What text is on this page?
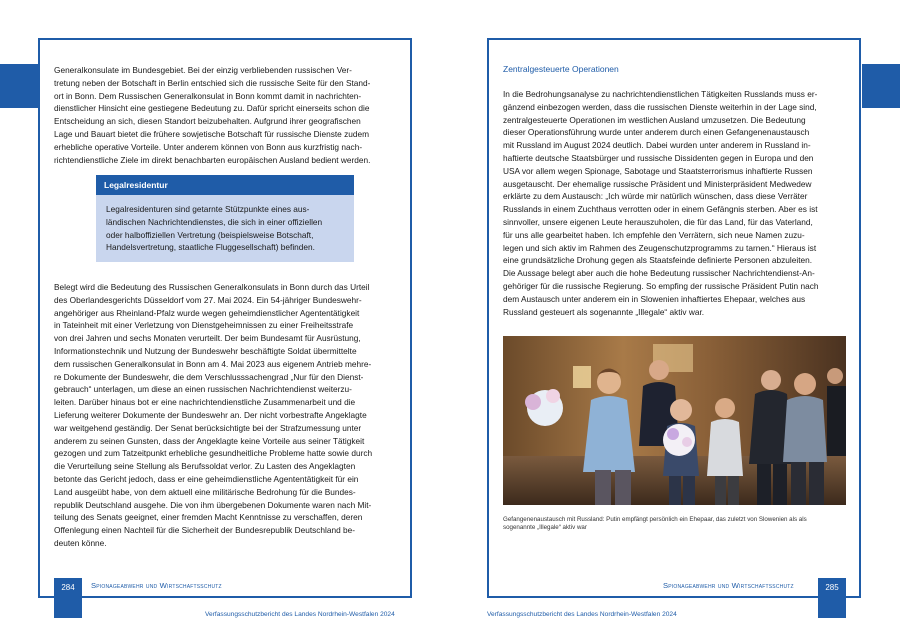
Generalkonsulate im Bundesgebiet. Bei der einzig verbliebenden russischen Ver-
tretung neben der Botschaft in Berlin entschied sich die russische Seite für den Stand-
ort in Bonn. Dem Russischen Generalkonsulat in Bonn kommt damit in nachrichten-
dienstlicher Hinsicht eine gestiegene Bedeutung zu. Dafür spricht einerseits schon die
Entscheidung an sich, diesen Standort beizubehalten. Aufgrund ihrer geografischen
Lage und Bauart bietet die frühere sowjetische Botschaft für russische Dienste zudem
erhebliche operative Vorteile. Unter anderem können von Bonn aus kurzfristig nach-
richtendienstliche Ziele im direkt benachbarten europäischen Ausland bedient werden.
Legalresidentur
Legalresidenturen sind getarnte Stützpunkte eines aus-
ländischen Nachrichtendienstes, die sich in einer offiziellen
oder halboffiziellen Vertretung (beispielsweise Botschaft,
Handelsvertretung, staatliche Fluggesellschaft) befinden.
Belegt wird die Bedeutung des Russischen Generalkonsulats in Bonn durch das Urteil
des Oberlandesgerichts Düsseldorf vom 27. Mai 2024. Ein 54-jähriger Bundeswehr-
angehöriger aus Rheinland-Pfalz wurde wegen geheimdienstlicher Agententätigkeit
in Tateinheit mit einer Verletzung von Dienstgeheimnissen zu einer Freiheitsstrafe
von drei Jahren und sechs Monaten verurteilt. Der beim Bundesamt für Ausrüstung,
Informationstechnik und Nutzung der Bundeswehr beschäftigte Soldat übermittelte
dem russischen Generalkonsulat in Bonn am 4. Mai 2023 aus eigenem Antrieb mehre-
re Dokumente der Bundeswehr, die dem Verschlusssachengrad „Nur für den Dienst-
gebrauch“ unterlagen, um diese an einen russischen Nachrichtendienst weiterzu-
leiten. Darüber hinaus bot er eine nachrichtendienstliche Zusammenarbeit und die
Lieferung weiterer Dokumente der Bundeswehr an. Der nicht vorbestrafte Angeklagte
war weitgehend geständig. Der Senat berücksichtigte bei der Strafzumessung unter
anderem zu seinen Gunsten, dass der Angeklagte keine Vorteile aus seiner Tätigkeit
gezogen und zum Tatzeitpunkt erhebliche gesundheitliche Probleme hatte sowie durch
die Verurteilung seine Stellung als Berufssoldat verlor. Zu Lasten des Angeklagten
betonte das Gericht jedoch, dass er eine geheimdienstliche Agententätigkeit für ein
Land ausgeübt habe, von dem aktuell eine militärische Bedrohung für die Bundes-
republik Deutschland ausgehe. Die von ihm übergebenen Dokumente waren nach Mit-
teilung des Senats geeignet, einer fremden Macht Kenntnisse zu verschaffen, deren
Offenlegung einen Nachteil für die Sicherheit der Bundesrepublik Deutschland be-
deuten könne.
284	Spionageabwehr und Wirtschaftsschutz
Verfassungsschutzbericht des Landes Nordrhein-Westfalen 2024
Zentralgesteuerte Operationen
In die Bedrohungsanalyse zu nachrichtendienstlichen Tätigkeiten Russlands muss er-
gänzend einbezogen werden, dass die russischen Dienste weiterhin in der Lage sind,
zentralgesteuerte Operationen im westlichen Ausland umzusetzen. Die Bedeutung
dieser Operationsführung wurde unter anderem durch einen Gefangenenaustausch
mit Russland im August 2024 deutlich. Dabei wurden unter anderem in Russland in-
haftierte deutsche Staatsbürger und russische Dissidenten gegen in Europa und den
USA vor allem wegen Spionage, Sabotage und Staatsterrorismus inhaftierte Russen
ausgetauscht. Der ehemalige russische Präsident und Ministerpräsident Medwedew
erklärte zu dem Austausch: „Ich würde mir natürlich wünschen, dass diese Verräter
Russlands in einem Zuchthaus verrotten oder in einem Gefängnis sterben. Aber es ist
sinnvoller, unsere eigenen Leute herauszuholen, die für das Land, für das Vaterland,
für uns alle gearbeitet haben. Ich empfehle den Verrätern, sich neue Namen zuzu-
legen und sich aktiv im Rahmen des Zeugenschutzprogramms zu tarnen.“ Hieraus ist
eine grundsätzliche Drohung gegen als Staatsfeinde definierte Personen abzuleiten.
Die Aussage belegt aber auch die hohe Bedeutung russischer Nachrichtendienst-An-
gehöriger für die russische Regierung. So empfing der russische Präsident Putin nach
dem Austausch unter anderem ein in Slowenien inhaftiertes Ehepaar, welches aus
Russland gesteuert als sogenannte „Illegale“ aktiv war.
Gefangenenaustausch mit Russland: Putin empfängt persönlich ein Ehepaar, das zuletzt von Slowenien als als
sogenannte „Illegale“ aktiv war
Spionageabwehr und Wirtschaftsschutz	285
Verfassungsschutzbericht des Landes Nordrhein-Westfalen 2024
